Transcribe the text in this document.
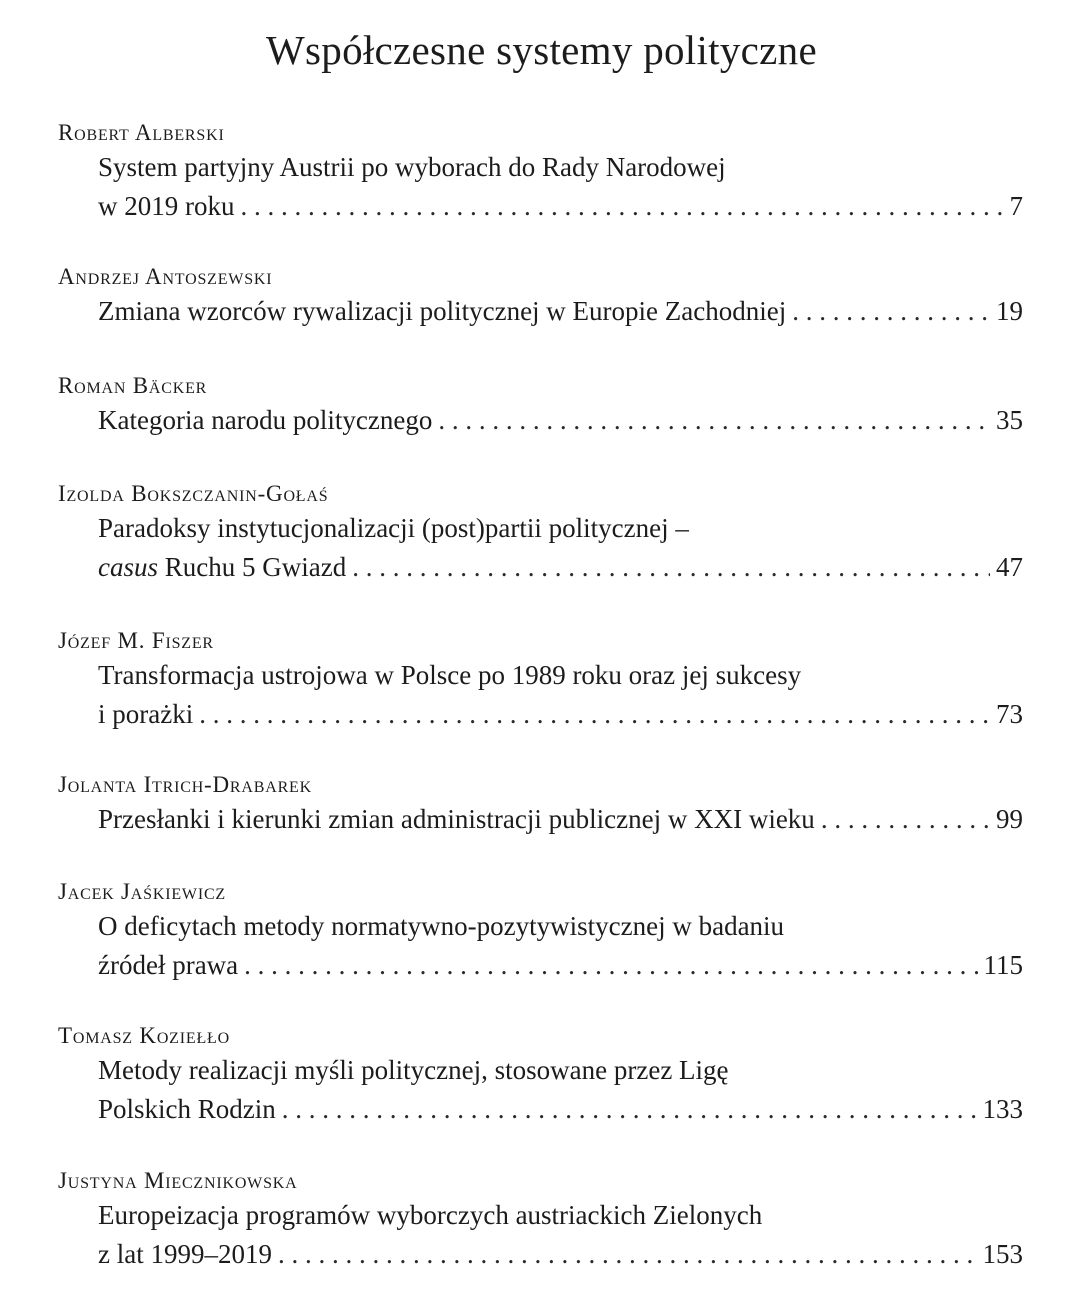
Współczesne systemy polityczne
Robert Alberski
System partyjny Austrii po wyborach do Rady Narodowej
w 2019 roku . . .	7
Andrzej Antoszewski
Zmiana wzorców rywalizacji politycznej w Europie Zachodniej . . .	19
Roman Bäcker
Kategoria narodu politycznego . . .	35
Izolda Bokszczanin-Gołaś
Paradoksy instytucjonalizacji (post)partii politycznej –
casus Ruchu 5 Gwiazd . . .	47
Józef M. Fiszer
Transformacja ustrojowa w Polsce po 1989 roku oraz jej sukcesy
i porażki . . .	73
Jolanta Itrich-Drabarek
Przesłanki i kierunki zmian administracji publicznej w XXI wieku . . .	99
Jacek Jaśkiewicz
O deficytach metody normatywno-pozytywistycznej w badaniu
źródeł prawa . . .	115
Tomasz Koziełło
Metody realizacji myśli politycznej, stosowane przez Ligę
Polskich Rodzin . . .	133
Justyna Miecznikowska
Europeizacja programów wyborczych austriackich Zielonych
z lat 1999–2019 . . .	153
